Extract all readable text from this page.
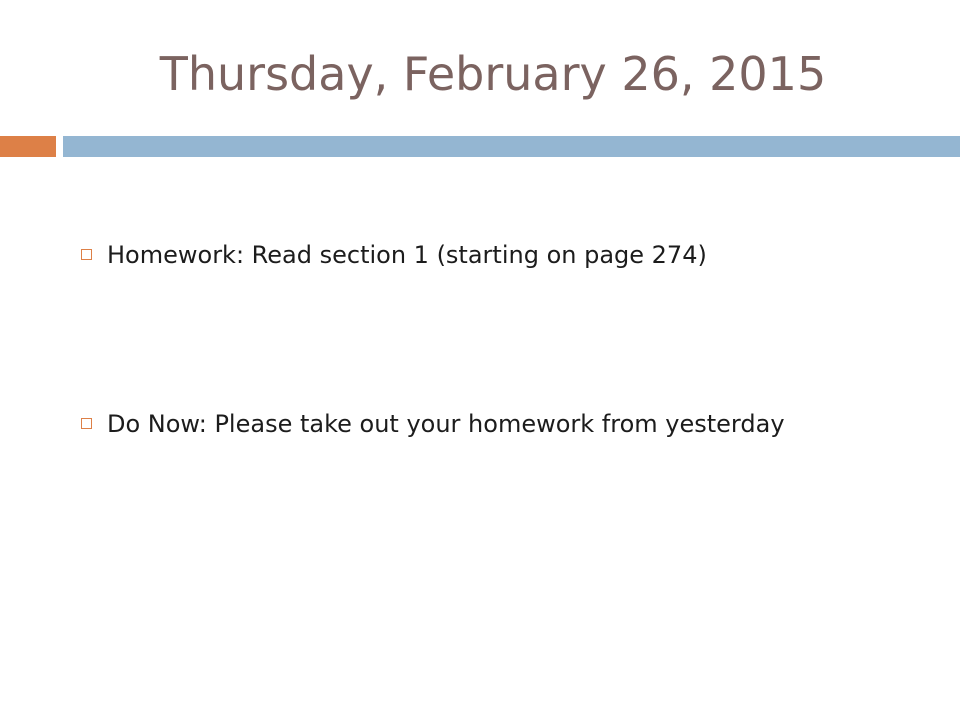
Thursday, February 26, 2015
Homework: Read section 1 (starting on page 274)
Do Now: Please take out your homework from yesterday
